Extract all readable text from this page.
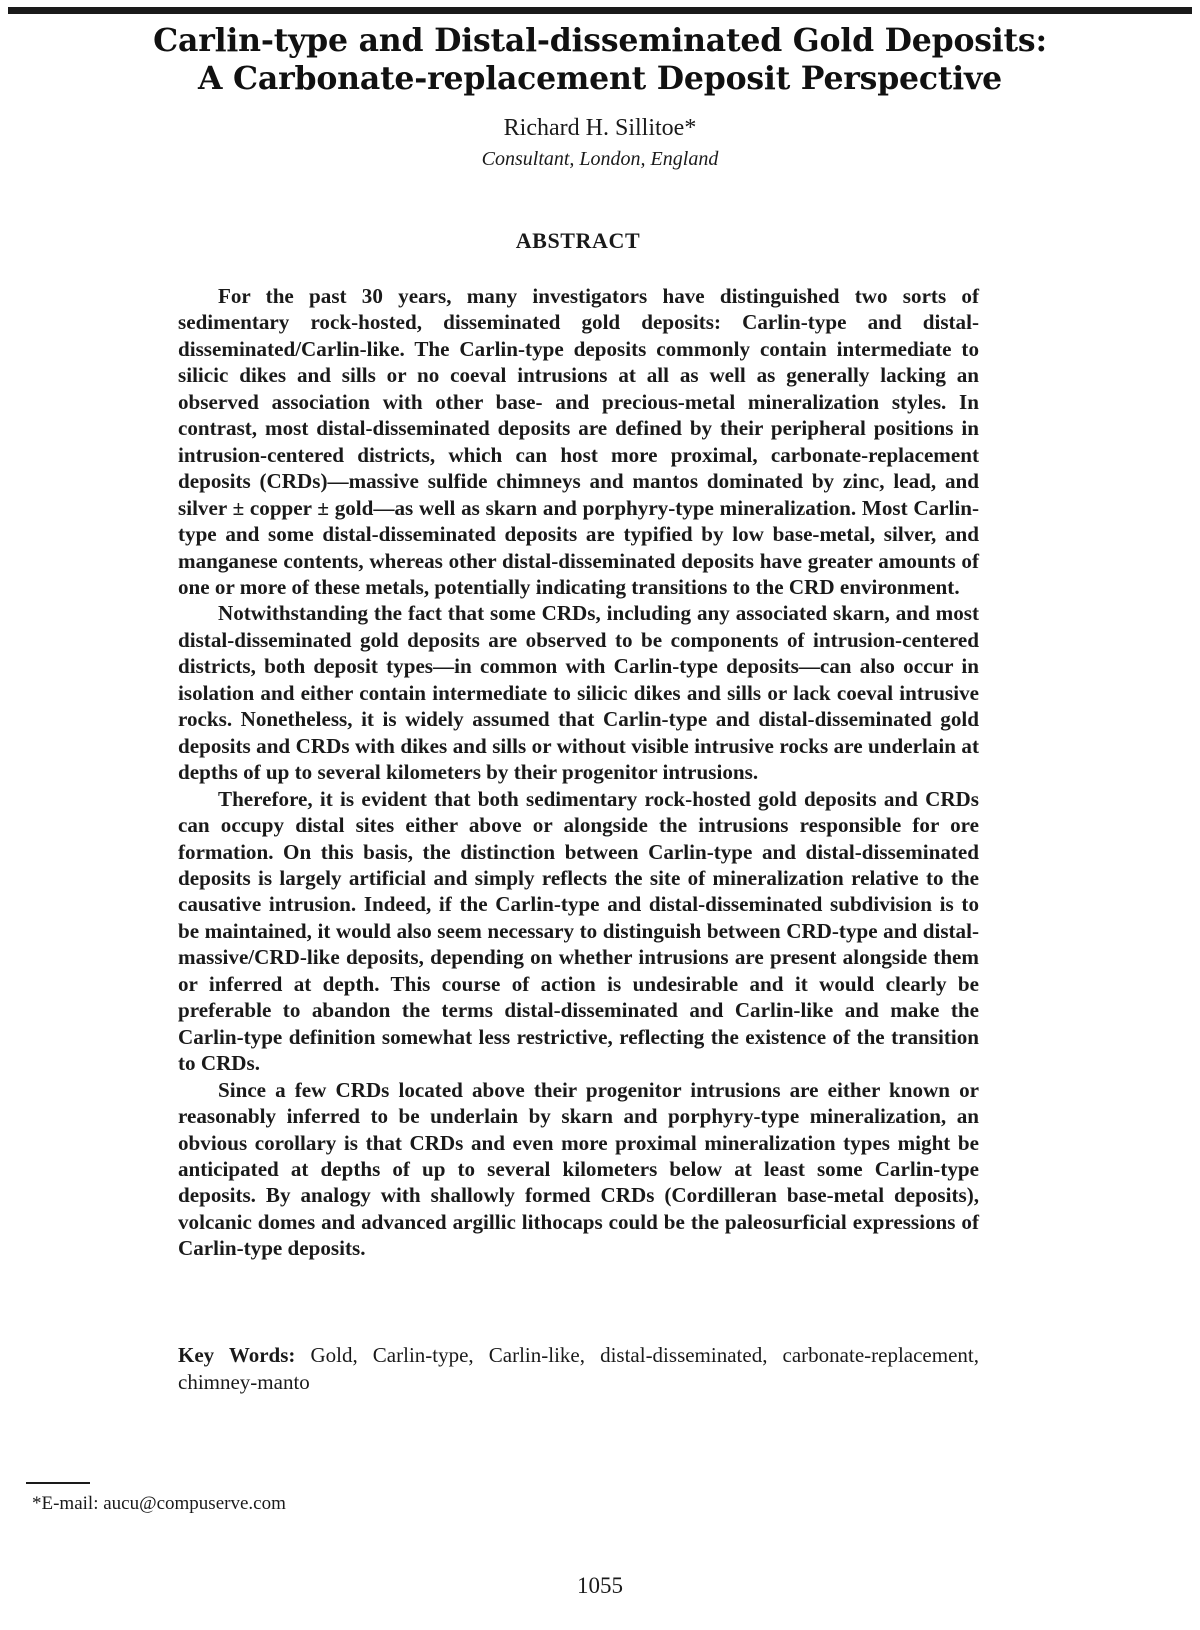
Carlin-type and Distal-disseminated Gold Deposits:
A Carbonate-replacement Deposit Perspective
Richard H. Sillitoe*
Consultant, London, England
ABSTRACT

For the past 30 years, many investigators have distinguished two sorts of sedimentary rock-hosted, disseminated gold deposits: Carlin-type and distal-disseminated/Carlin-like. The Carlin-type deposits commonly contain intermediate to silicic dikes and sills or no coeval intrusions at all as well as generally lacking an observed association with other base- and precious-metal mineralization styles. In contrast, most distal-disseminated deposits are defined by their peripheral positions in intrusion-centered districts, which can host more proximal, carbonate-replacement deposits (CRDs)—massive sulfide chimneys and mantos dominated by zinc, lead, and silver ± copper ± gold—as well as skarn and porphyry-type mineralization. Most Carlin-type and some distal-disseminated deposits are typified by low base-metal, silver, and manganese contents, whereas other distal-disseminated deposits have greater amounts of one or more of these metals, potentially indicating transitions to the CRD environment.

Notwithstanding the fact that some CRDs, including any associated skarn, and most distal-disseminated gold deposits are observed to be components of intrusion-centered districts, both deposit types—in common with Carlin-type deposits—can also occur in isolation and either contain intermediate to silicic dikes and sills or lack coeval intrusive rocks. Nonetheless, it is widely assumed that Carlin-type and distal-disseminated gold deposits and CRDs with dikes and sills or without visible intrusive rocks are underlain at depths of up to several kilometers by their progenitor intrusions.

Therefore, it is evident that both sedimentary rock-hosted gold deposits and CRDs can occupy distal sites either above or alongside the intrusions responsible for ore formation. On this basis, the distinction between Carlin-type and distal-disseminated deposits is largely artificial and simply reflects the site of mineralization relative to the causative intrusion. Indeed, if the Carlin-type and distal-disseminated subdivision is to be maintained, it would also seem necessary to distinguish between CRD-type and distal-massive/CRD-like deposits, depending on whether intrusions are present alongside them or inferred at depth. This course of action is undesirable and it would clearly be preferable to abandon the terms distal-disseminated and Carlin-like and make the Carlin-type definition somewhat less restrictive, reflecting the existence of the transition to CRDs.

Since a few CRDs located above their progenitor intrusions are either known or reasonably inferred to be underlain by skarn and porphyry-type mineralization, an obvious corollary is that CRDs and even more proximal mineralization types might be anticipated at depths of up to several kilometers below at least some Carlin-type deposits. By analogy with shallowly formed CRDs (Cordilleran base-metal deposits), volcanic domes and advanced argillic lithocaps could be the paleosurficial expressions of Carlin-type deposits.

Key Words: Gold, Carlin-type, Carlin-like, distal-disseminated, carbonate-replacement, chimney-manto
*E-mail: aucu@compuserve.com
1055
